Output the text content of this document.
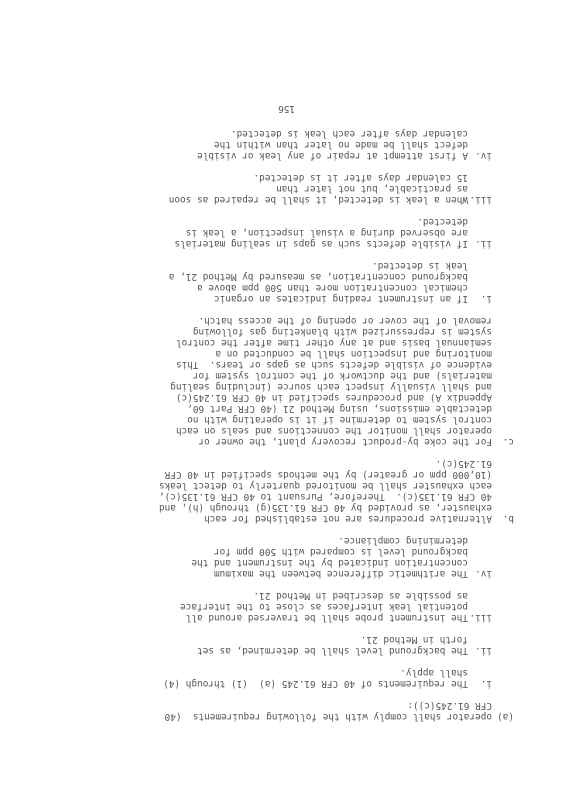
156
(a)
operator shall comply with the following requirements  (40
CFR 61.245(c)):
i.
The requirements of 40 CFR 61.245 (a)  (1) through (4)
shall apply.
ii.
The background level shall be determined, as set
forth in Method 21.
iii.
The instrument probe shall be traversed around all
potential leak interfaces as close to the interface
as possible as described in Method 21.
iv.
The arithmetic difference between the maximum
concentration indicated by the instrument and the
background level is compared with 500 ppm for
determining compliance.
b.
Alternative procedures are not established for each
exhauster, as provided by 40 CFR 61.135(g) through (h), and
40 CFR 61.135(c).  Therefore, Pursuant to 40 CFR 61.135(c),
each exhauster shall be monitored quarterly to detect leaks
(10,000 ppm or greater) by the methods specified in 40 CFR
61.245(c).
c.
For the coke by-product recovery plant, the owner or
operator shall monitor the connections and seals on each
control system to determine if it is operating with no
detectable emissions, using Method 21 (40 CFR Part 60,
Appendix A) and procedures specified in 40 CFR 61.245(c)
and shall visually inspect each source (including sealing
materials) and the ductwork of the control system for
evidence of visible defects such as gaps or tears.  This
monitoring and inspection shall be conducted on a
semiannual basis and at any other time after the control
system is repressurized with blanketing gas following
removal of the cover or opening of the access hatch.
i.
If an instrument reading indicates an organic
chemical concentration more than 500 ppm above a
background concentration, as measured by Method 21, a
leak is detected.
ii.
If visible defects such as gaps in sealing materials
are observed during a visual inspection, a leak is
detected.
iii.
When a leak is detected, it shall be repaired as soon
as practicable, but not later than
15 calendar days after it is detected.
iv.
A first attempt at repair of any leak or visible
defect shall be made no later than within the
calendar days after each leak is detected.
